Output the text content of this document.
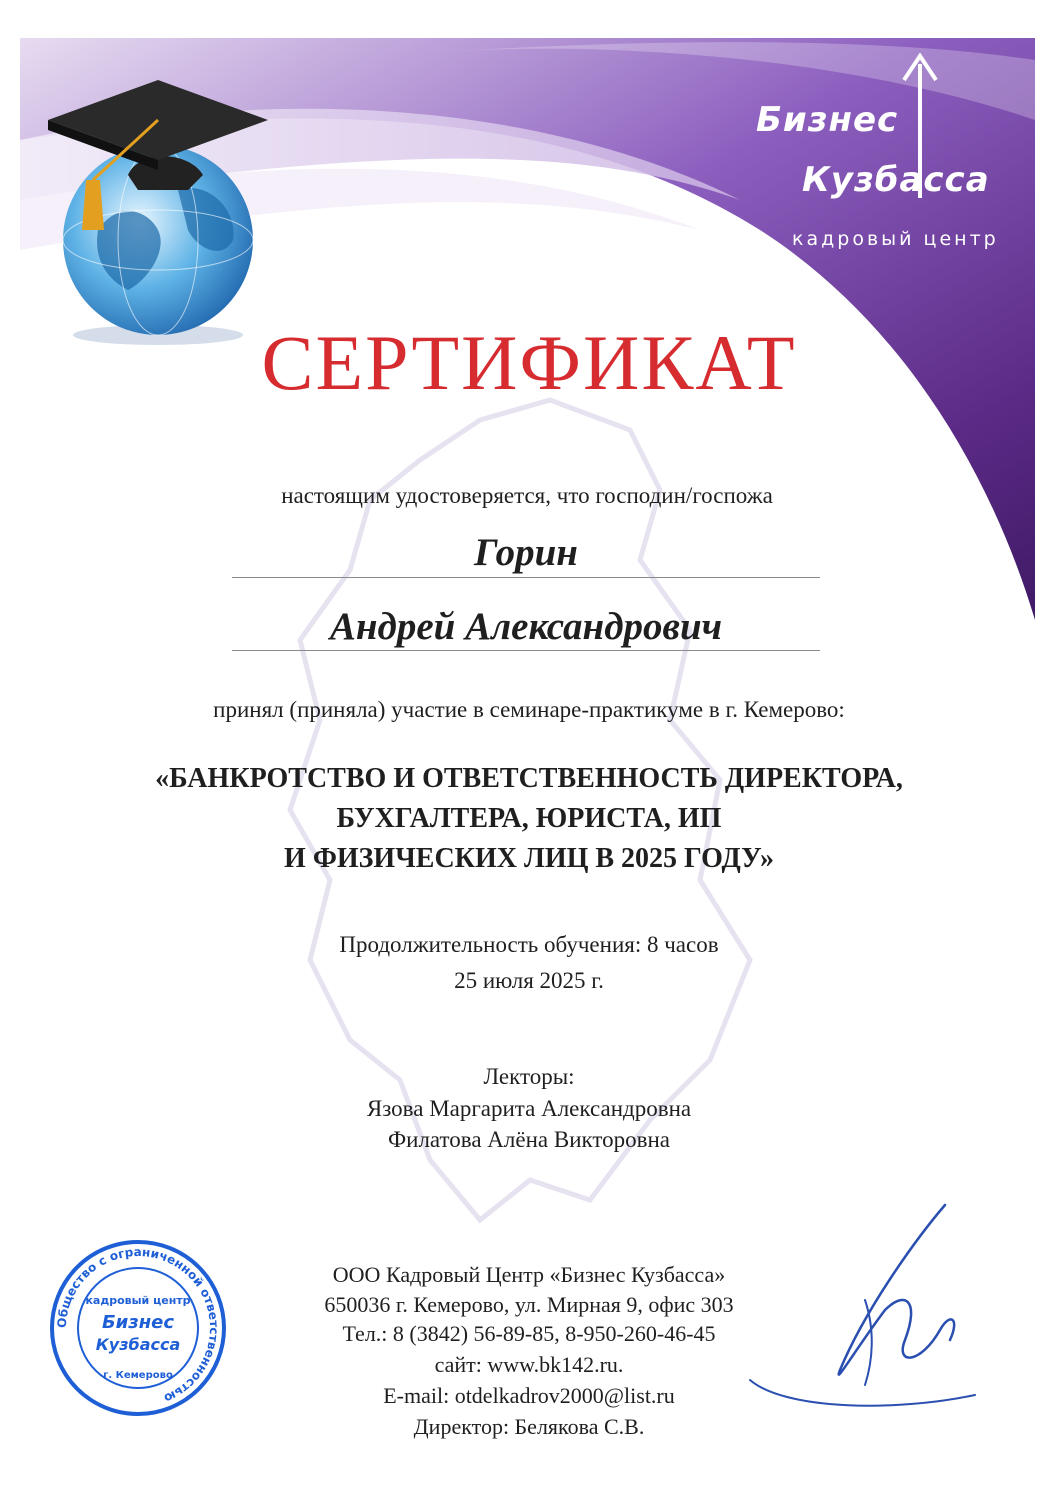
Бизнес
Кузбасса
кадровый центр
СЕРТИФИКАТ
настоящим удостоверяется, что господин/госпожа
Горин
Андрей Александрович
принял (приняла) участие в семинаре-практикуме в г. Кемерово:
«БАНКРОТСТВО И ОТВЕТСТВЕННОСТЬ ДИРЕКТОРА,
БУХГАЛТЕРА, ЮРИСТА, ИП
И ФИЗИЧЕСКИХ ЛИЦ В 2025 ГОДУ»
Продолжительность обучения: 8 часов
25 июля 2025 г.
Лекторы:
Язова Маргарита Александровна
Филатова Алёна Викторовна
ООО Кадровый Центр «Бизнес Кузбасса»
650036 г. Кемерово, ул. Мирная 9, офис 303
Тел.: 8 (3842) 56-89-85, 8-950-260-46-45
сайт: www.bk142.ru.
E-mail: otdelkadrov2000@list.ru
Директор: Белякова С.В.
Общество с ограниченной ответственностью
кадровый центр
Бизнес
Кузбасса
г. Кемерово
